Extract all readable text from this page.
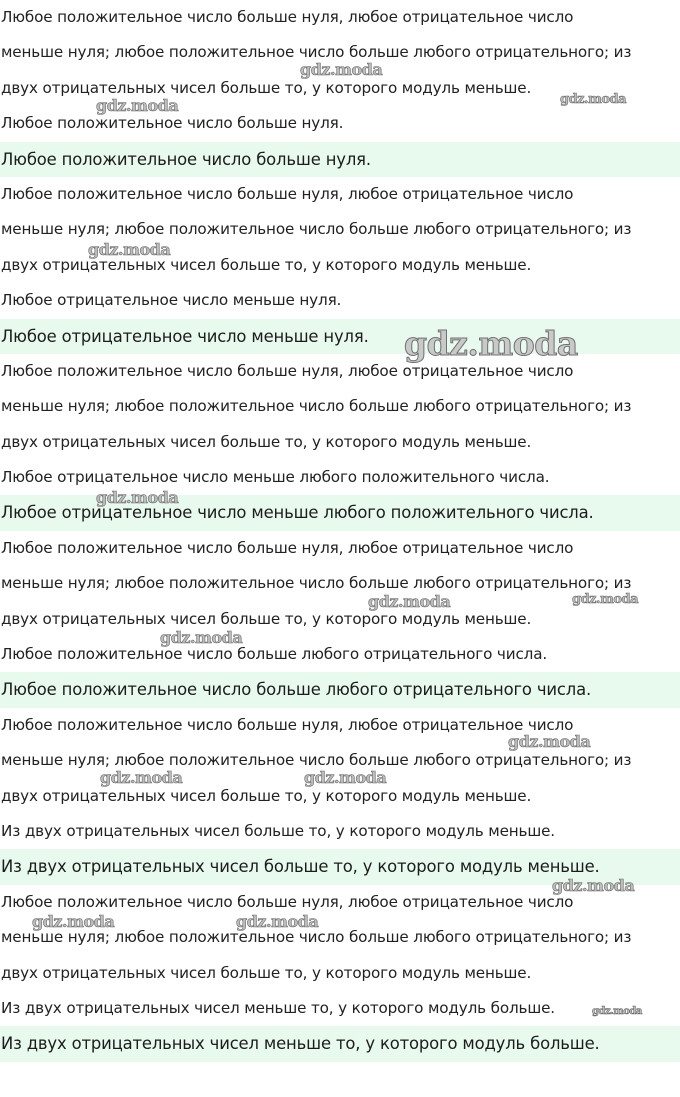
Любое положительное число больше нуля, любое отрицательное число
меньше нуля; любое положительное число больше любого отрицательного; из
двух отрицательных чисел больше то, у которого модуль меньше.
Любое положительное число больше нуля.
Любое положительное число больше нуля.
Любое положительное число больше нуля, любое отрицательное число
меньше нуля; любое положительное число больше любого отрицательного; из
двух отрицательных чисел больше то, у которого модуль меньше.
Любое отрицательное число меньше нуля.
Любое отрицательное число меньше нуля.
Любое положительное число больше нуля, любое отрицательное число
меньше нуля; любое положительное число больше любого отрицательного; из
двух отрицательных чисел больше то, у которого модуль меньше.
Любое отрицательное число меньше любого положительного числа.
Любое отрицательное число меньше любого положительного числа.
Любое положительное число больше нуля, любое отрицательное число
меньше нуля; любое положительное число больше любого отрицательного; из
двух отрицательных чисел больше то, у которого модуль меньше.
Любое положительное число больше любого отрицательного числа.
Любое положительное число больше любого отрицательного числа.
Любое положительное число больше нуля, любое отрицательное число
меньше нуля; любое положительное число больше любого отрицательного; из
двух отрицательных чисел больше то, у которого модуль меньше.
Из двух отрицательных чисел больше то, у которого модуль меньше.
Из двух отрицательных чисел больше то, у которого модуль меньше.
Любое положительное число больше нуля, любое отрицательное число
меньше нуля; любое положительное число больше любого отрицательного; из
двух отрицательных чисел больше то, у которого модуль меньше.
Из двух отрицательных чисел меньше то, у которого модуль больше.
Из двух отрицательных чисел меньше то, у которого модуль больше.
gdz.moda
gdz.moda	gdz.moda
gdz.moda
gdz.moda
gdz.moda
gdz.moda	gdz.moda
gdz.moda
gdz.moda
gdz.moda	gdz.moda
gdz.moda
gdz.moda	gdz.moda
gdz.moda
